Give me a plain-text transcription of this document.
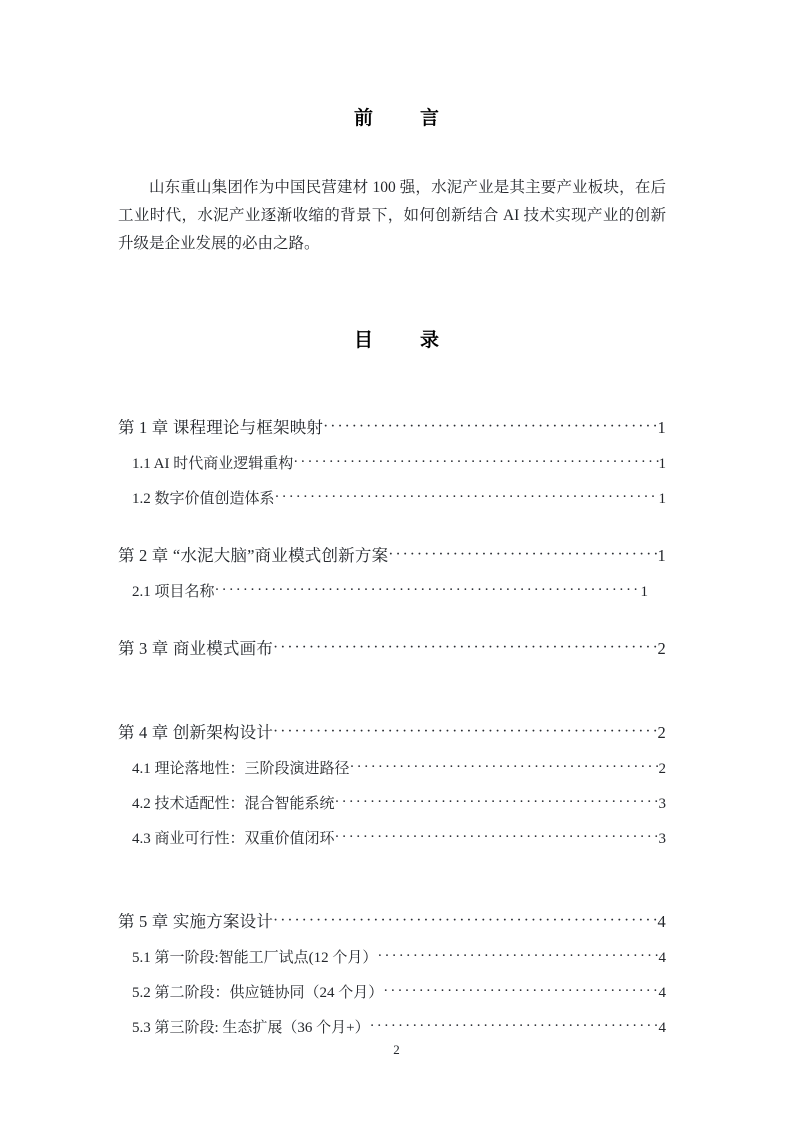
前　言

山东重山集团作为中国民营建材 100 强，水泥产业是其主要产业板块，在后工业时代，水泥产业逐渐收缩的背景下，如何创新结合 AI 技术实现产业的创新升级是企业发展的必由之路。

目　录
第 1 章 课程理论与框架映射 ·····	1
1.1 AI 时代商业逻辑重构 ·····	1
1.2 数字价值创造体系 ·····	1
第 2 章 “水泥大脑”商业模式创新方案 ·····	1
2.1 项目名称 ·····	1
第 3 章 商业模式画布 ·····	2
第 4 章 创新架构设计 ·····	2
4.1 理论落地性：三阶段演进路径 ·····	2
4.2 技术适配性：混合智能系统 ·····	3
4.3 商业可行性：双重价值闭环 ·····	3
第 5 章 实施方案设计 ·····	4
5.1 第一阶段:智能工厂试点(12 个月） ·····	4
5.2 第二阶段：供应链协同（24 个月） ·····	4
5.3 第三阶段: 生态扩展（36 个月+） ·····	4
2
